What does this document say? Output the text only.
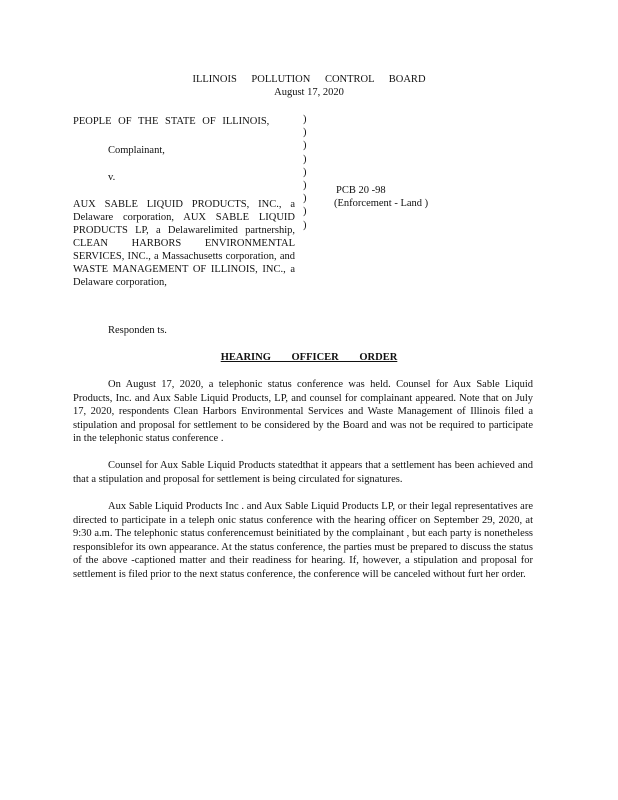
ILLINOIS POLLUTION CONTROL BOARD
August 17, 2020
PEOPLE OF THE STATE OF ILLINOIS,
Complainant,
v.
AUX SABLE LIQUID PRODUCTS, INC., a Delaware corporation, AUX SABLE LIQUID PRODUCTS LP, a Delawarelimited partnership, CLEAN HARBORS ENVIRONMENTAL SERVICES, INC., a Massachusetts corporation, and WASTE MANAGEMENT OF ILLINOIS, INC., a Delaware corporation,
Responden ts.
)
)
)
)
)
)
)
)
)
PCB 20 -98
(Enforcement - Land )
HEARING OFFICER ORDER
On August 17, 2020, a telephonic status conference was held. Counsel for Aux Sable Liquid Products, Inc. and Aux Sable Liquid Products, LP, and counsel for complainant appeared. Note that on July 17, 2020, respondents Clean Harbors Environmental Services and Waste Management of Illinois filed a stipulation and proposal for settlement to be considered by the Board and was not be required to participate in the telephonic status conference .
Counsel for Aux Sable Liquid Products statedthat it appears that a settlement has been achieved and that a stipulation and proposal for settlement is being circulated for signatures.
Aux Sable Liquid Products Inc . and Aux Sable Liquid Products LP, or their legal representatives are directed to participate in a teleph onic status conference with the hearing officer on September 29, 2020, at 9:30 a.m. The telephonic status conferencemust beinitiated by the complainant , but each party is nonetheless responsiblefor its own appearance. At the status conference, the parties must be prepared to discuss the status of the above -captioned matter and their readiness for hearing. If, however, a stipulation and proposal for settlement is filed prior to the next status conference, the conference will be canceled without furt her order.
